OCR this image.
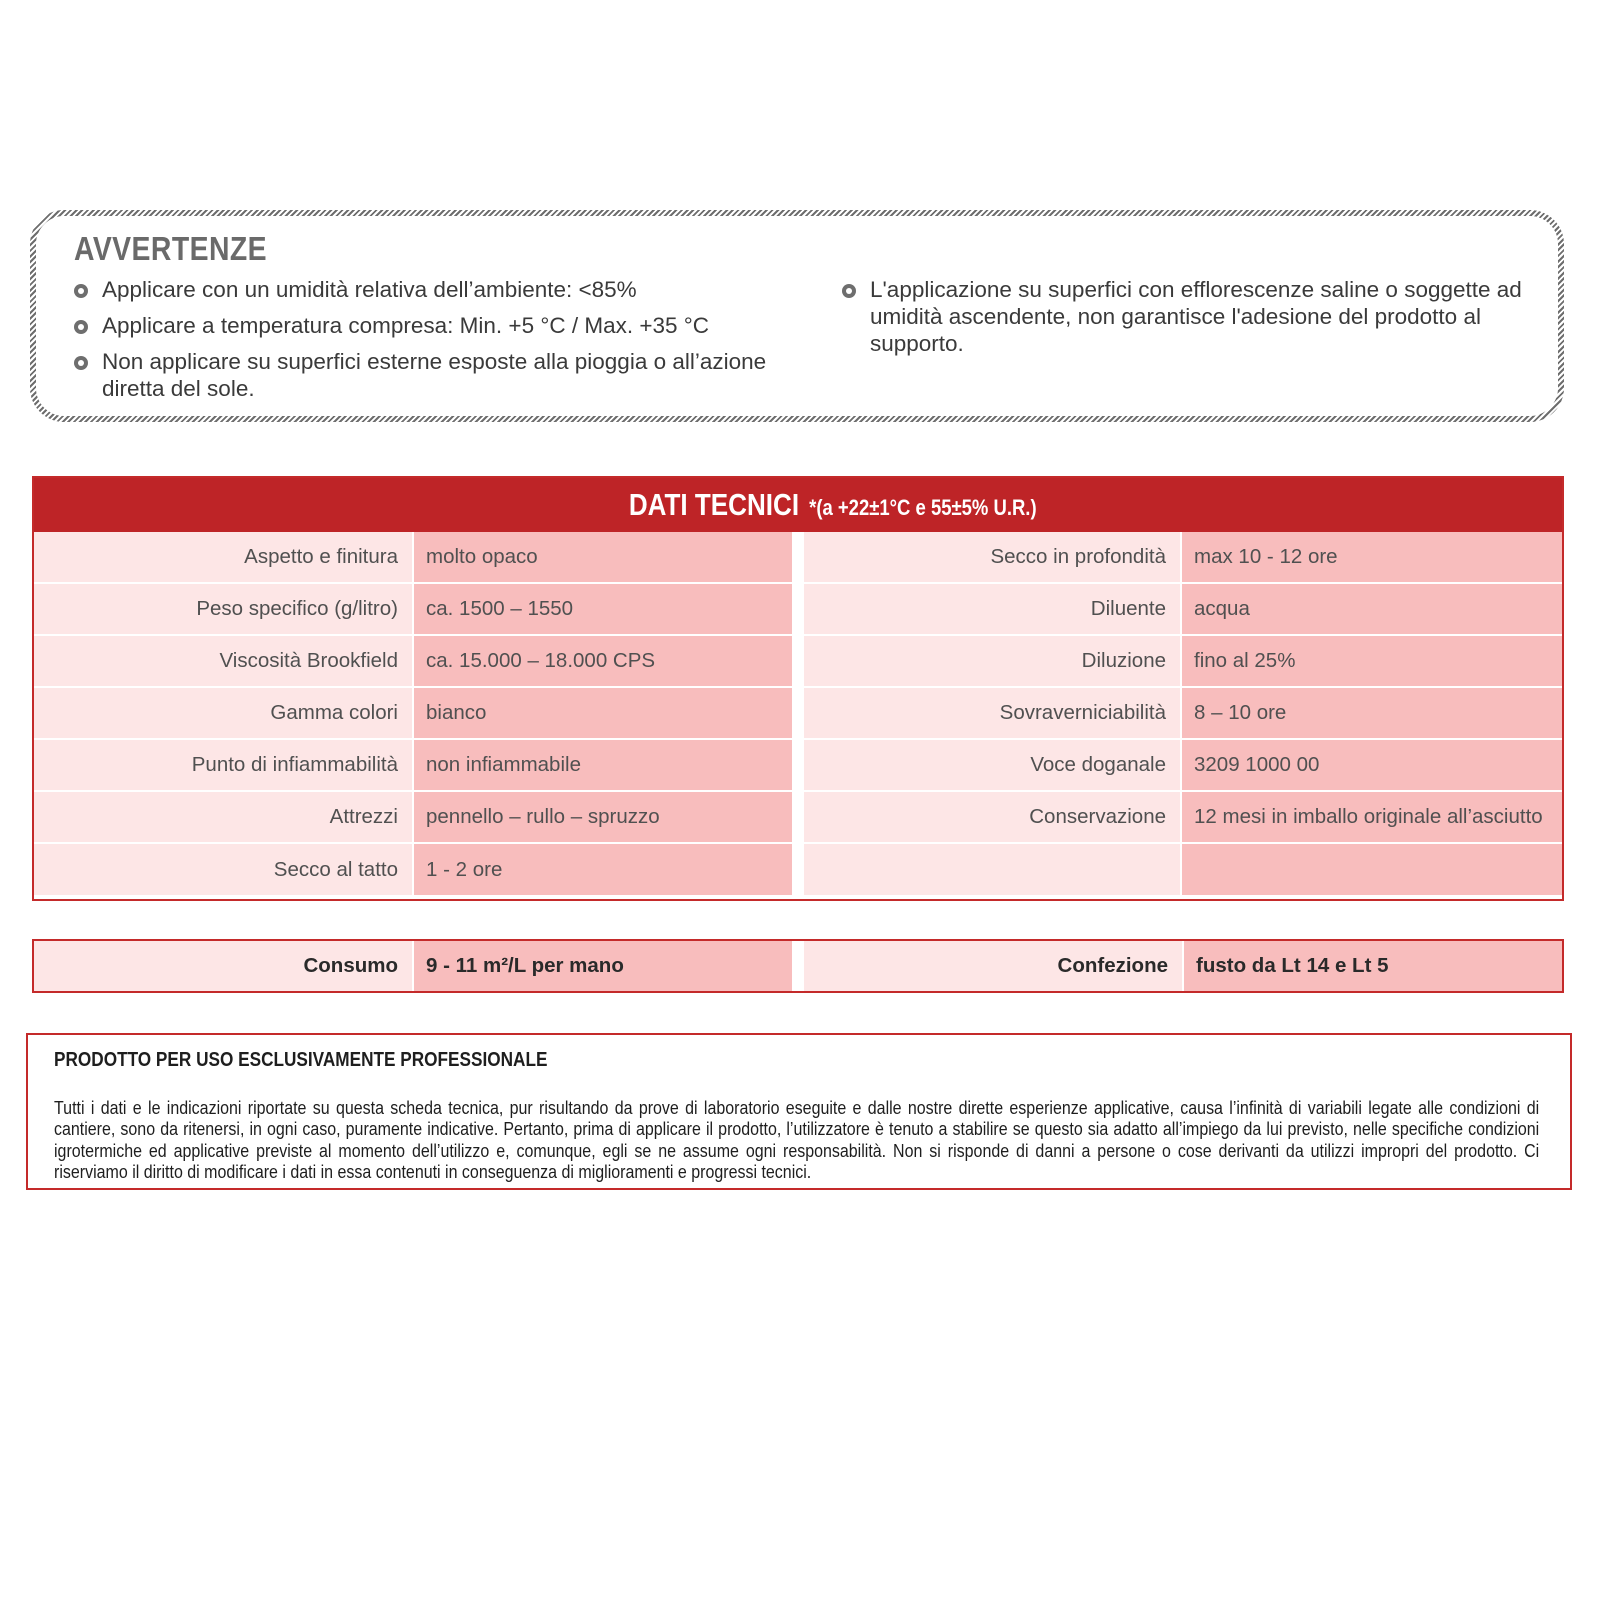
AVVERTENZE
Applicare con un umidità relativa dell’ambiente: <85%
Applicare a temperatura compresa: Min. +5 °C / Max. +35 °C
Non applicare su superfici esterne esposte alla pioggia o all’azione diretta del sole.
L'applicazione su superfici con efflorescenze saline o soggette ad umidità ascendente, non garantisce l'adesione del prodotto al supporto.
DATI TECNICI *(a +22±1°C e 55±5% U.R.)
Aspetto e finitura	molto opaco
Peso specifico (g/litro)	ca. 1500 – 1550
Viscosità Brookfield	ca. 15.000 – 18.000 CPS
Gamma colori	bianco
Punto di infiammabilità	non infiammabile
Attrezzi	pennello – rullo – spruzzo
Secco al tatto	1 - 2 ore
Secco in profondità	max 10 - 12 ore
Diluente	acqua
Diluzione	fino al 25%
Sovraverniciabilità	8 – 10 ore
Voce doganale	3209 1000 00
Conservazione	12 mesi in imballo originale all’asciutto
Consumo	9 - 11 m²/L per mano	Confezione	fusto da Lt 14 e Lt 5
PRODOTTO PER USO ESCLUSIVAMENTE PROFESSIONALE

Tutti i dati e le indicazioni riportate su questa scheda tecnica, pur risultando da prove di laboratorio eseguite e dalle nostre dirette esperienze applicative, causa l’infinità di variabili legate alle condizioni di cantiere, sono da ritenersi, in ogni caso, puramente indicative. Pertanto, prima di applicare il prodotto, l’utilizzatore è tenuto a stabilire se questo sia adatto all’impiego da lui previsto, nelle specifiche condizioni igrotermiche ed applicative previste al momento dell’utilizzo e, comunque, egli se ne assume ogni responsabilità. Non si risponde di danni a persone o cose derivanti da utilizzi impropri del prodotto. Ci riserviamo il diritto di modificare i dati in essa contenuti in conseguenza di miglioramenti e progressi tecnici.
